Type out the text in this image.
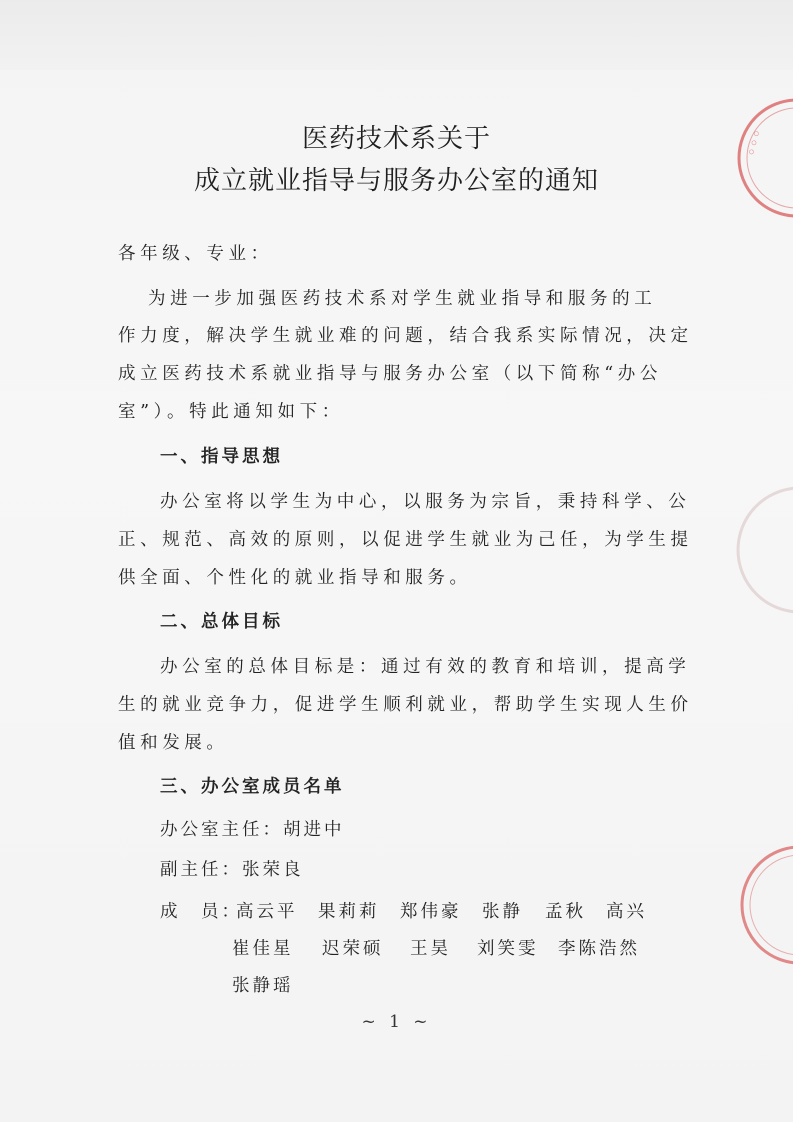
医药技术系关于
成立就业指导与服务办公室的通知
各年级、专业：
为进一步加强医药技术系对学生就业指导和服务的工
作力度，解决学生就业难的问题，结合我系实际情况，决定
成立医药技术系就业指导与服务办公室（以下简称“办公
室”）。特此通知如下：
一、指导思想
办公室将以学生为中心，以服务为宗旨，秉持科学、公
正、规范、高效的原则，以促进学生就业为己任，为学生提
供全面、个性化的就业指导和服务。
二、总体目标
办公室的总体目标是：通过有效的教育和培训，提高学
生的就业竞争力，促进学生顺利就业，帮助学生实现人生价
值和发展。
三、办公室成员名单
办公室主任：胡进中
副主任：张荣良
成　员：
高云平 果莉莉 郑伟豪 张静 孟秋 高兴
崔佳星 迟荣硕 王昊 刘笑雯 李陈浩然
张静瑶
~ 1 ~
◦◦◦
